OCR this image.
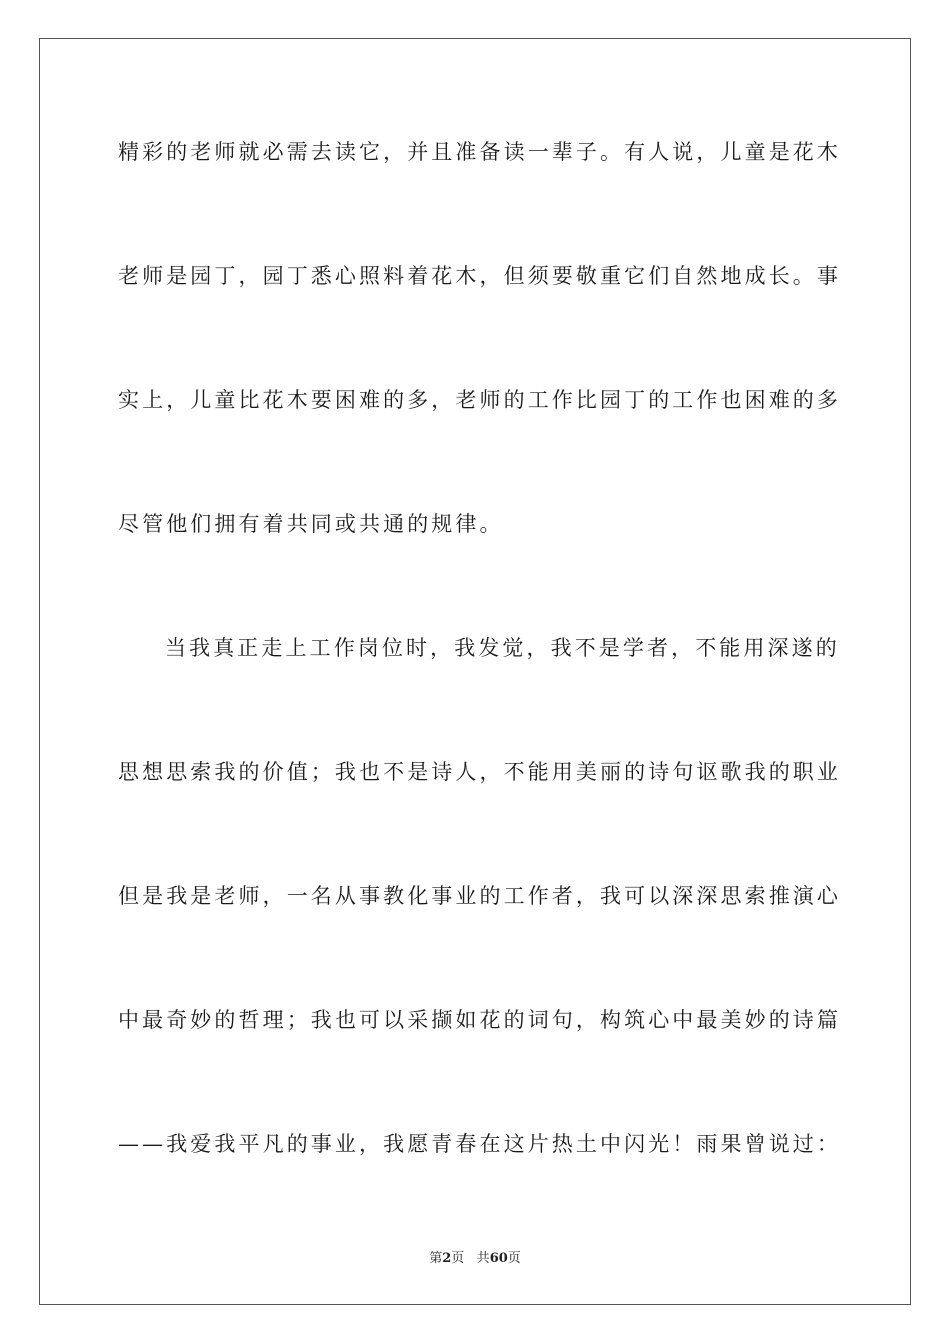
精彩的老师就必需去读它，并且准备读一辈子。有人说，儿童是花木
老师是园丁，园丁悉心照料着花木，但须要敬重它们自然地成长。事
实上，儿童比花木要困难的多，老师的工作比园丁的工作也困难的多
尽管他们拥有着共同或共通的规律。
当我真正走上工作岗位时，我发觉，我不是学者，不能用深遂的
思想思索我的价值；我也不是诗人，不能用美丽的诗句讴歌我的职业
但是我是老师，一名从事教化事业的工作者，我可以深深思索推演心
中最奇妙的哲理；我也可以采撷如花的词句，构筑心中最美妙的诗篇
——我爱我平凡的事业，我愿青春在这片热土中闪光！雨果曾说过：
第2页 共60页
